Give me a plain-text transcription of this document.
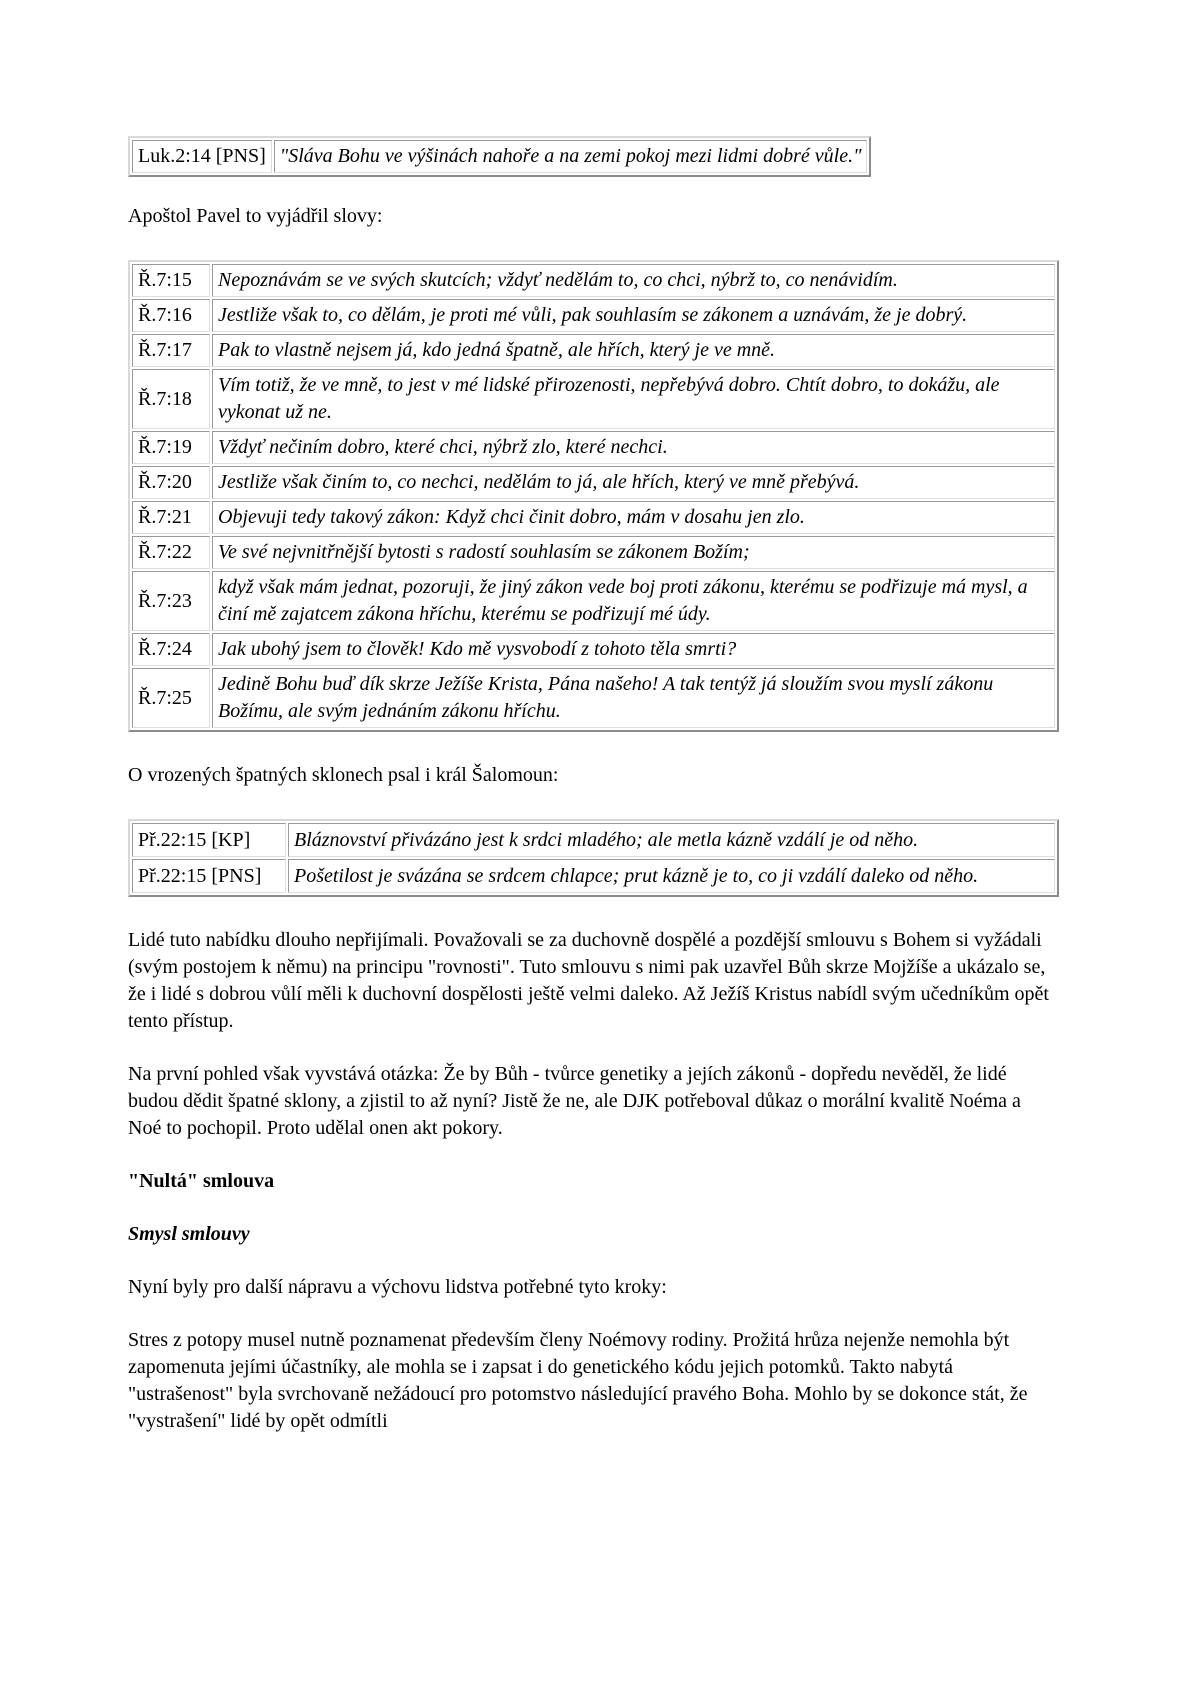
Luk.2:14 [PNS]	"Sláva Bohu ve výšinách nahoře a na zemi pokoj mezi lidmi dobré vůle."

Apoštol Pavel to vyjádřil slovy:

Ř.7:15	Nepoznávám se ve svých skutcích; vždyť nedělám to, co chci, nýbrž to, co nenávidím.
Ř.7:16	Jestliže však to, co dělám, je proti mé vůli, pak souhlasím se zákonem a uznávám, že je dobrý.
Ř.7:17	Pak to vlastně nejsem já, kdo jedná špatně, ale hřích, který je ve mně.
Ř.7:18	Vím totiž, že ve mně, to jest v mé lidské přirozenosti, nepřebývá dobro. Chtít dobro, to dokážu, ale vykonat už ne.
Ř.7:19	Vždyť nečiním dobro, které chci, nýbrž zlo, které nechci.
Ř.7:20	Jestliže však činím to, co nechci, nedělám to já, ale hřích, který ve mně přebývá.
Ř.7:21	Objevuji tedy takový zákon: Když chci činit dobro, mám v dosahu jen zlo.
Ř.7:22	Ve své nejvnitřnější bytosti s radostí souhlasím se zákonem Božím;
Ř.7:23	když však mám jednat, pozoruji, že jiný zákon vede boj proti zákonu, kterému se podřizuje má mysl, a činí mě zajatcem zákona hříchu, kterému se podřizují mé údy.
Ř.7:24	Jak ubohý jsem to člověk! Kdo mě vysvobodí z tohoto těla smrti?
Ř.7:25	Jedině Bohu buď dík skrze Ježíše Krista, Pána našeho! A tak tentýž já sloužím svou myslí zákonu Božímu, ale svým jednáním zákonu hříchu.

O vrozených špatných sklonech psal i král Šalomoun:

Př.22:15 [KP]	Bláznovství přivázáno jest k srdci mladého; ale metla kázně vzdálí je od něho.
Př.22:15 [PNS]	Pošetilost je svázána se srdcem chlapce; prut kázně je to, co ji vzdálí daleko od něho.

Lidé tuto nabídku dlouho nepřijímali. Považovali se za duchovně dospělé a pozdější smlouvu s Bohem si vyžádali (svým postojem k němu) na principu "rovnosti". Tuto smlouvu s nimi pak uzavřel Bůh skrze Mojžíše a ukázalo se, že i lidé s dobrou vůlí měli k duchovní dospělosti ještě velmi daleko. Až Ježíš Kristus nabídl svým učedníkům opět tento přístup.

Na první pohled však vyvstává otázka: Že by Bůh - tvůrce genetiky a jejích zákonů - dopředu nevěděl, že lidé budou dědit špatné sklony, a zjistil to až nyní? Jistě že ne, ale DJK potřeboval důkaz o morální kvalitě Noéma a Noé to pochopil. Proto udělal onen akt pokory.

"Nultá" smlouva

Smysl smlouvy

Nyní byly pro další nápravu a výchovu lidstva potřebné tyto kroky:

Stres z potopy musel nutně poznamenat především členy Noémovy rodiny. Prožitá hrůza nejenže nemohla být zapomenuta jejími účastníky, ale mohla se i zapsat i do genetického kódu jejich potomků. Takto nabytá "ustrašenost" byla svrchovaně nežádoucí pro potomstvo následující pravého Boha. Mohlo by se dokonce stát, že "vystrašení" lidé by opět odmítli
